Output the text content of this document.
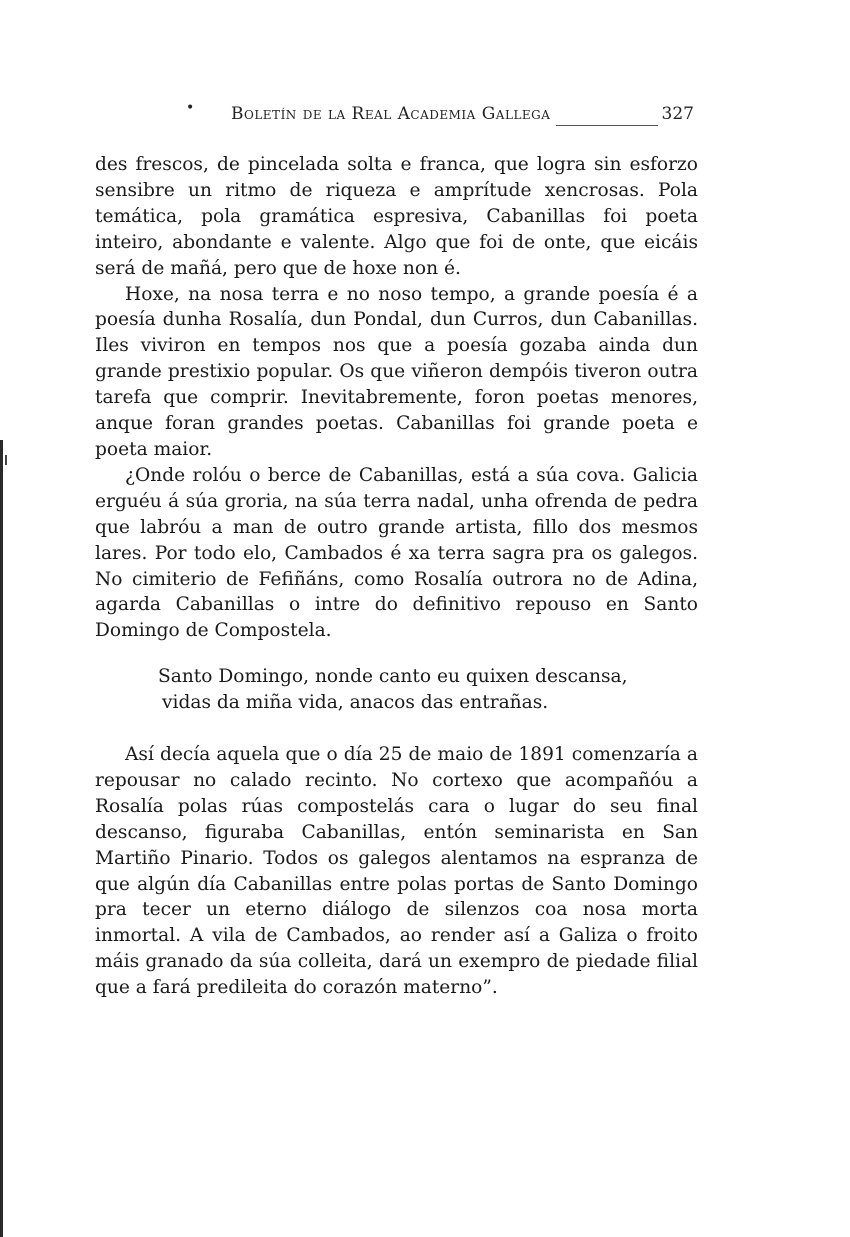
• Boletín de la Real Academia Gallega	327

des frescos, de pincelada solta e franca, que logra sin esforzo sensibre un ritmo de riqueza e amprítude xencrosas. Pola temática, pola gramática espresiva, Cabanillas foi poeta inteiro, abondante e valente. Algo que foi de onte, que eicáis será de mañá, pero que de hoxe non é.

Hoxe, na nosa terra e no noso tempo, a grande poesía é a poesía dunha Rosalía, dun Pondal, dun Curros, dun Cabanillas. Iles viviron en tempos nos que a poesía gozaba ainda dun grande prestixio popular. Os que viñeron dempóis tiveron outra tarefa que comprir. Inevitabremente, foron poetas menores, anque foran grandes poetas. Cabanillas foi grande poeta e poeta maior.

¿Onde rolóu o berce de Cabanillas, está a súa cova. Galicia erguéu á súa groria, na súa terra nadal, unha ofrenda de pedra que labróu a man de outro grande artista, fillo dos mesmos lares. Por todo elo, Cambados é xa terra sagra pra os galegos. No cimiterio de Fefiñáns, como Rosalía outrora no de Adina, agarda Cabanillas o intre do definitivo repouso en Santo Domingo de Compostela.

Santo Domingo, nonde canto eu quixen descansa,
vidas da miña vida, anacos das entrañas.

Así decía aquela que o día 25 de maio de 1891 comenzaría a repousar no calado recinto. No cortexo que acompañóu a Rosalía polas rúas compostelás cara o lugar do seu final descanso, figuraba Cabanillas, entón seminarista en San Martiño Pinario. Todos os galegos alentamos na espranza de que algún día Cabanillas entre polas portas de Santo Domingo pra tecer un eterno diálogo de silenzos coa nosa morta inmortal. A vila de Cambados, ao render así a Galiza o froito máis granado da súa colleita, dará un exempro de piedade filial que a fará predileita do corazón materno”.
